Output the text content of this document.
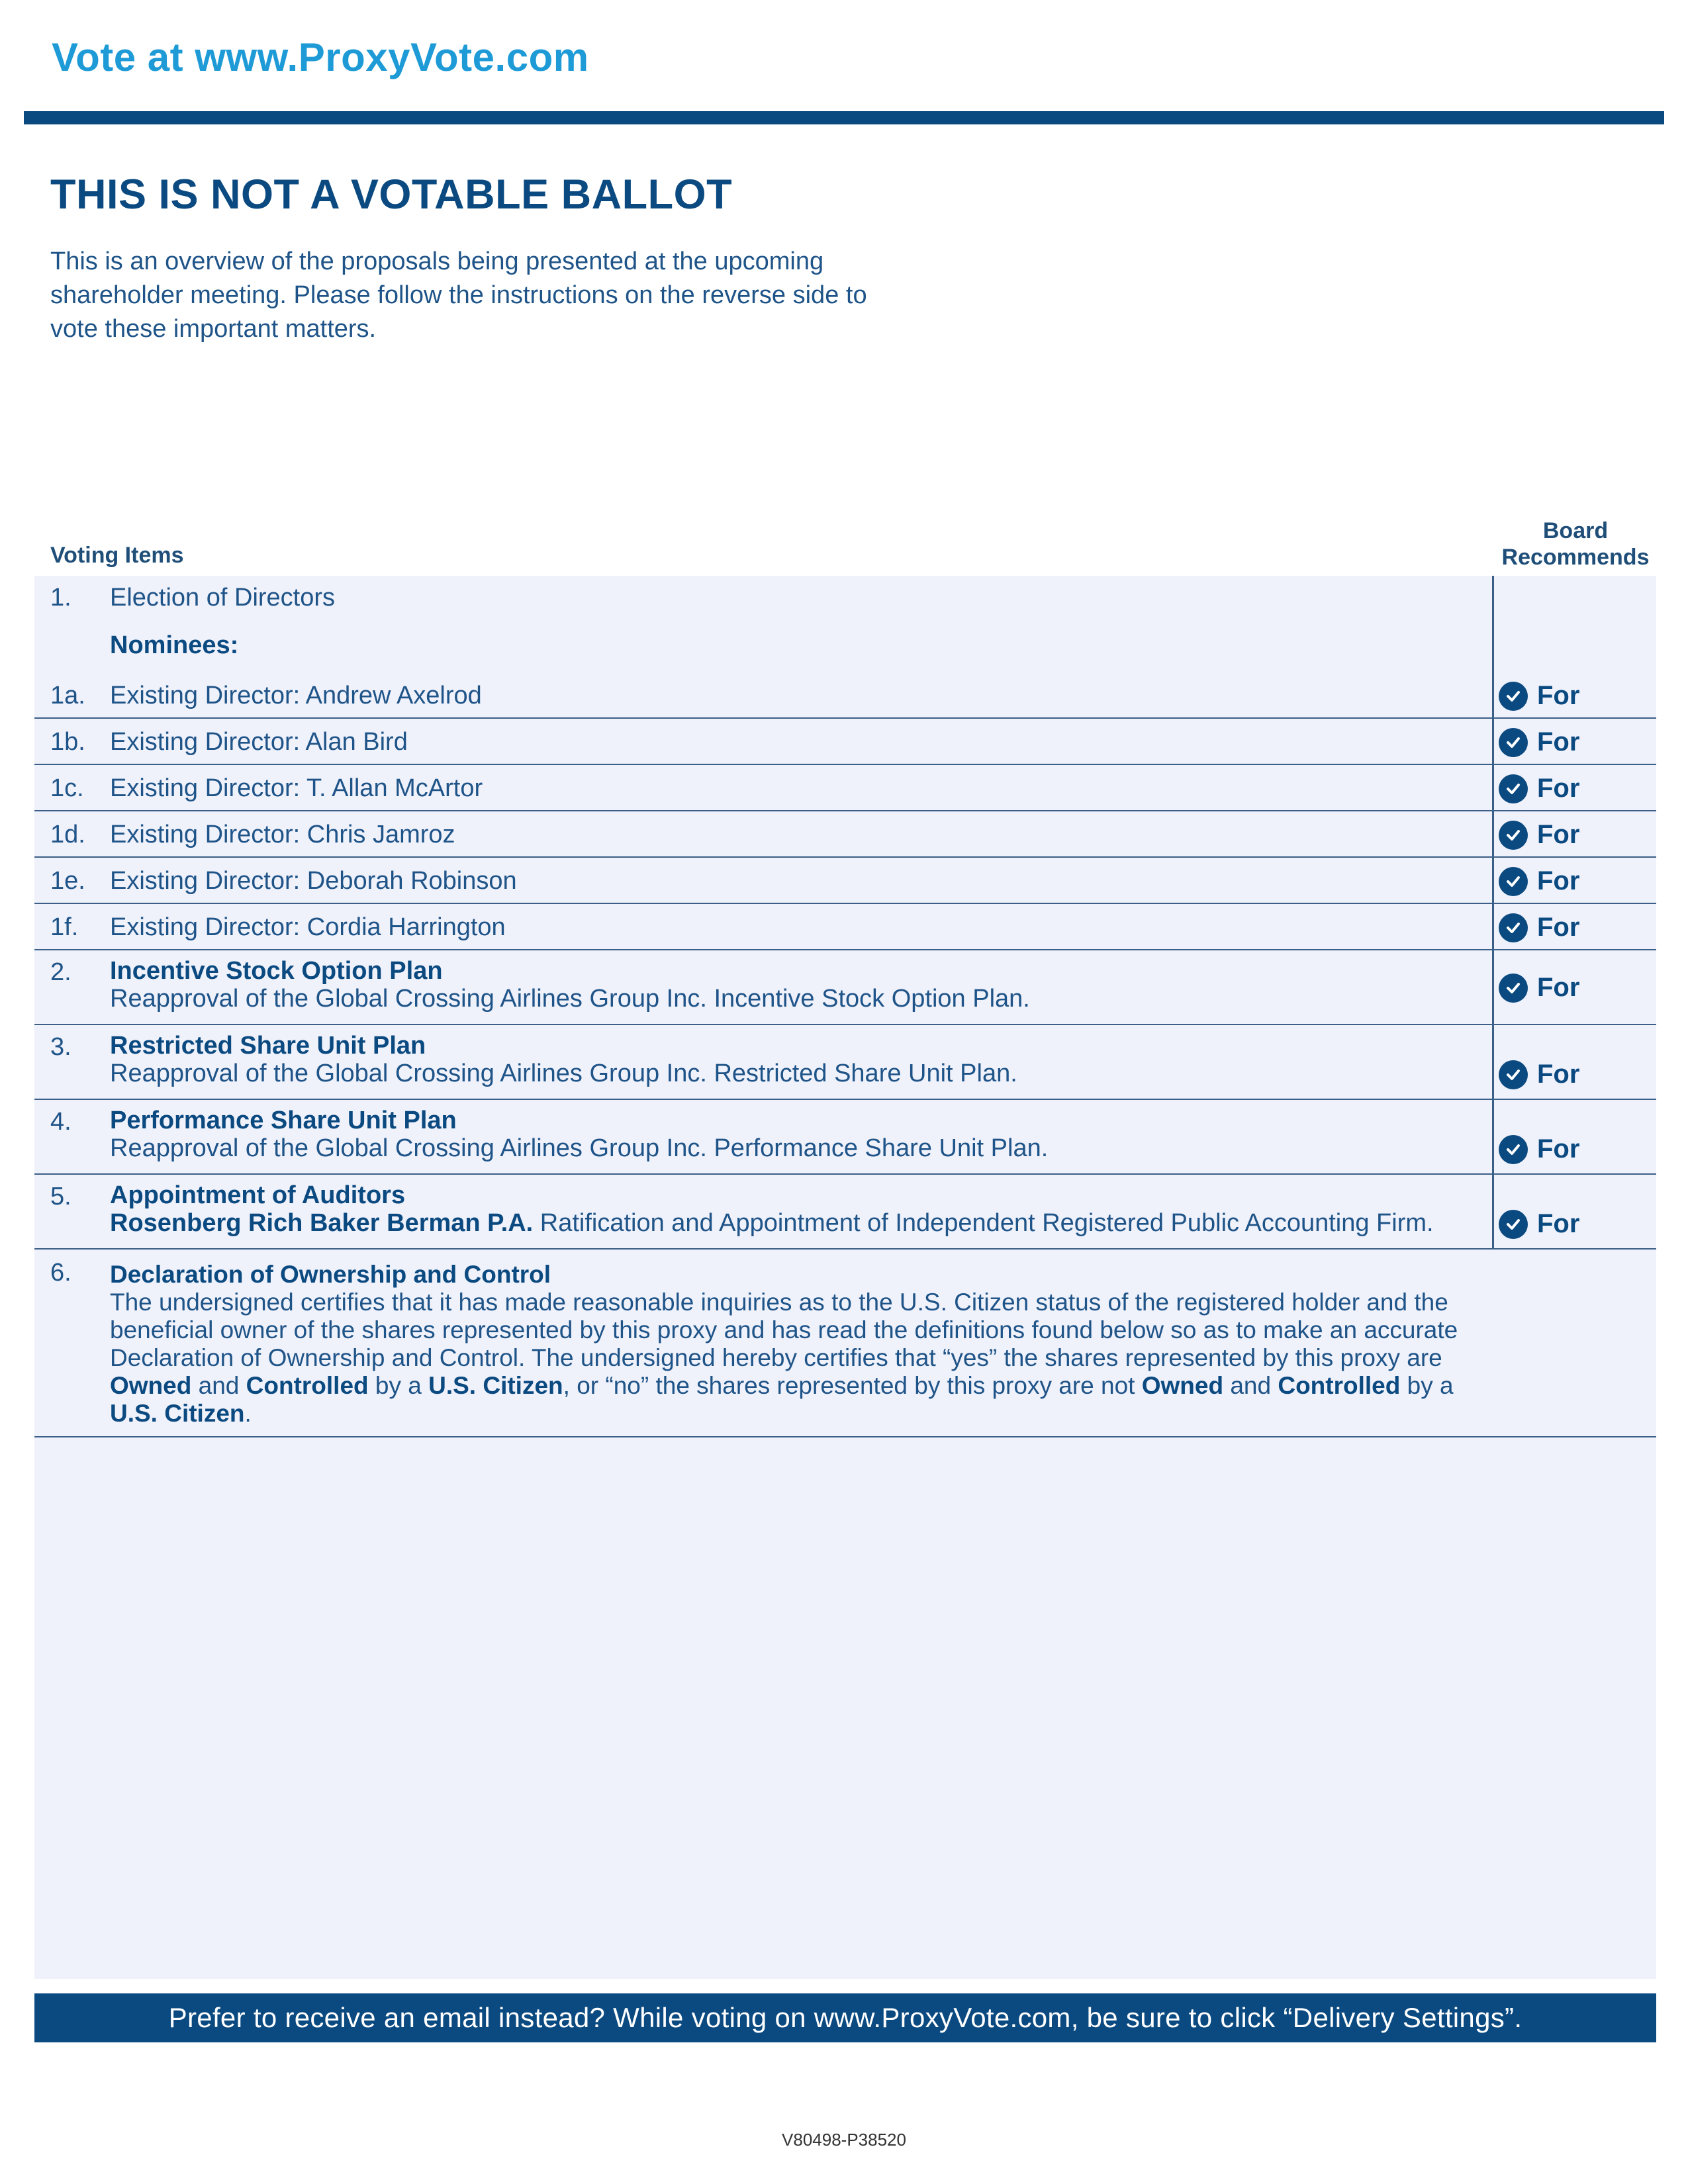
Vote at www.ProxyVote.com
THIS IS NOT A VOTABLE BALLOT
This is an overview of the proposals being presented at the upcoming shareholder meeting. Please follow the instructions on the reverse side to vote these important matters.
Voting Items
Board
Recommends
1. Election of Directors
Nominees:
1a. Existing Director: Andrew Axelrod	For
1b. Existing Director: Alan Bird	For
1c. Existing Director: T. Allan McArtor	For
1d. Existing Director: Chris Jamroz	For
1e. Existing Director: Deborah Robinson	For
1f. Existing Director: Cordia Harrington	For
2. Incentive Stock Option Plan
Reapproval of the Global Crossing Airlines Group Inc. Incentive Stock Option Plan.	For
3. Restricted Share Unit Plan
Reapproval of the Global Crossing Airlines Group Inc. Restricted Share Unit Plan.	For
4. Performance Share Unit Plan
Reapproval of the Global Crossing Airlines Group Inc. Performance Share Unit Plan.	For
5. Appointment of Auditors
Rosenberg Rich Baker Berman P.A. Ratification and Appointment of Independent Registered Public Accounting Firm.	For
6. Declaration of Ownership and Control
The undersigned certifies that it has made reasonable inquiries as to the U.S. Citizen status of the registered holder and the beneficial owner of the shares represented by this proxy and has read the definitions found below so as to make an accurate Declaration of Ownership and Control. The undersigned hereby certifies that “yes” the shares represented by this proxy are Owned and Controlled by a U.S. Citizen, or “no” the shares represented by this proxy are not Owned and Controlled by a U.S. Citizen.
Prefer to receive an email instead? While voting on www.ProxyVote.com, be sure to click “Delivery Settings”.
V80498-P38520
